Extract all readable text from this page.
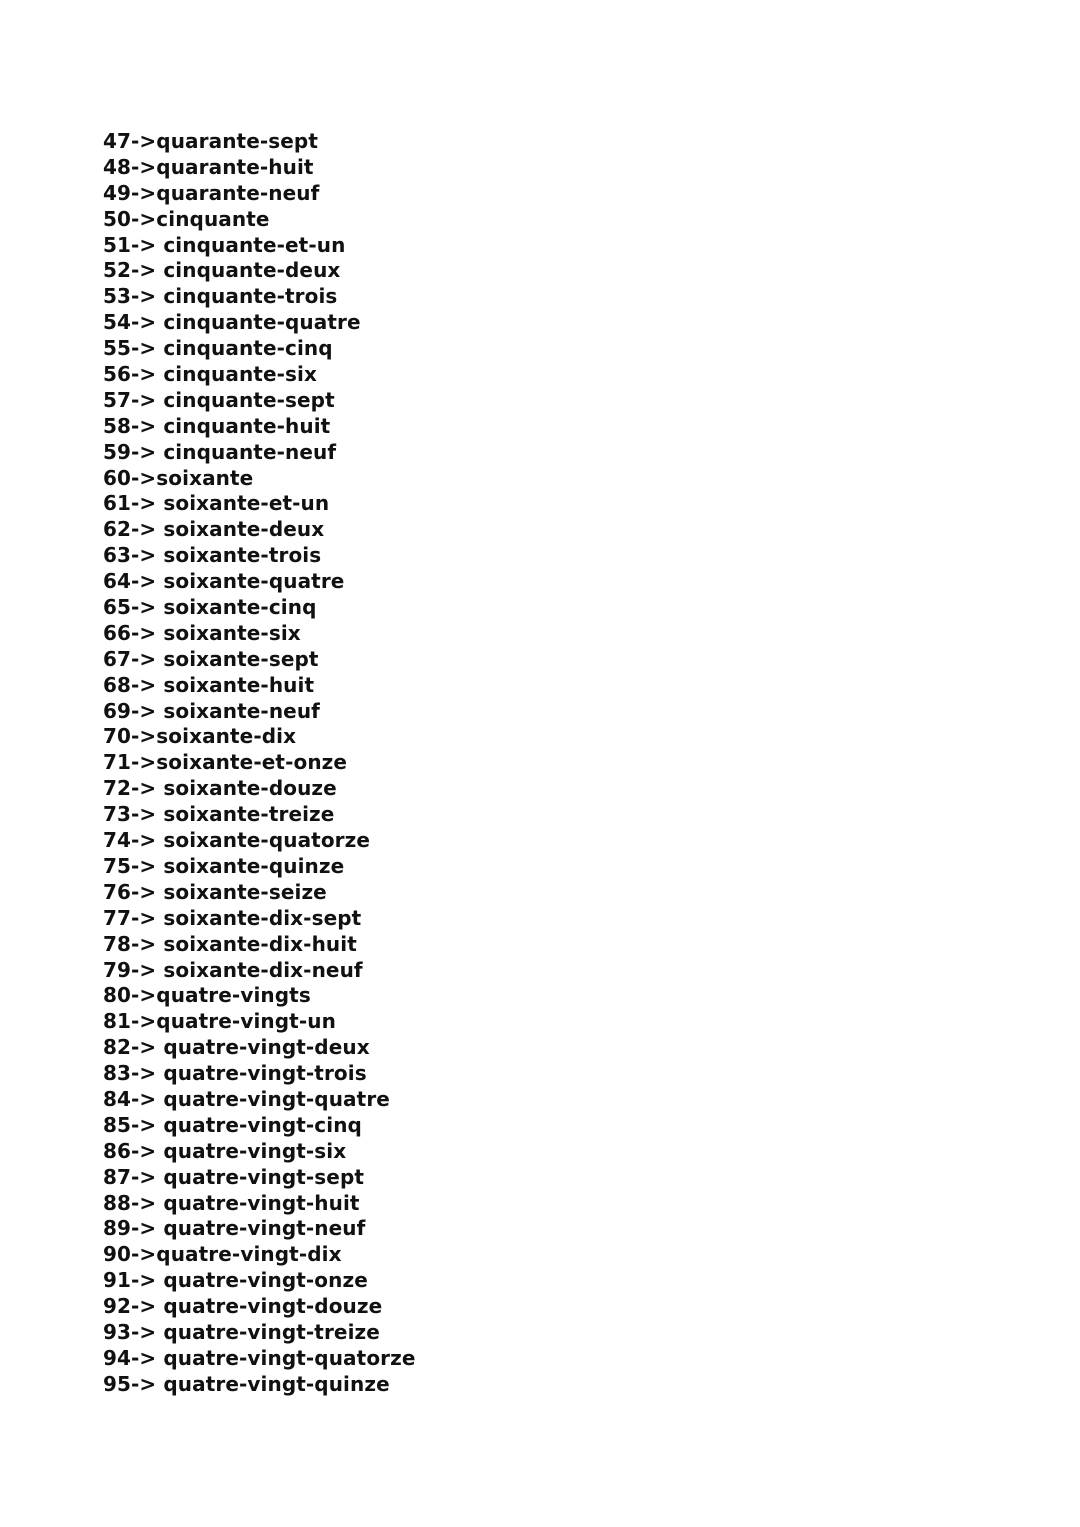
47->quarante-sept
48->quarante-huit
49->quarante-neuf
50->cinquante
51-> cinquante-et-un
52-> cinquante-deux
53-> cinquante-trois
54-> cinquante-quatre
55-> cinquante-cinq
56-> cinquante-six
57-> cinquante-sept
58-> cinquante-huit
59-> cinquante-neuf
60->soixante
61-> soixante-et-un
62-> soixante-deux
63-> soixante-trois
64-> soixante-quatre
65-> soixante-cinq
66-> soixante-six
67-> soixante-sept
68-> soixante-huit
69-> soixante-neuf
70->soixante-dix
71->soixante-et-onze
72-> soixante-douze
73-> soixante-treize
74-> soixante-quatorze
75-> soixante-quinze
76-> soixante-seize
77-> soixante-dix-sept
78-> soixante-dix-huit
79-> soixante-dix-neuf
80->quatre-vingts
81->quatre-vingt-un
82-> quatre-vingt-deux
83-> quatre-vingt-trois
84-> quatre-vingt-quatre
85-> quatre-vingt-cinq
86-> quatre-vingt-six
87-> quatre-vingt-sept
88-> quatre-vingt-huit
89-> quatre-vingt-neuf
90->quatre-vingt-dix
91-> quatre-vingt-onze
92-> quatre-vingt-douze
93-> quatre-vingt-treize
94-> quatre-vingt-quatorze
95-> quatre-vingt-quinze
